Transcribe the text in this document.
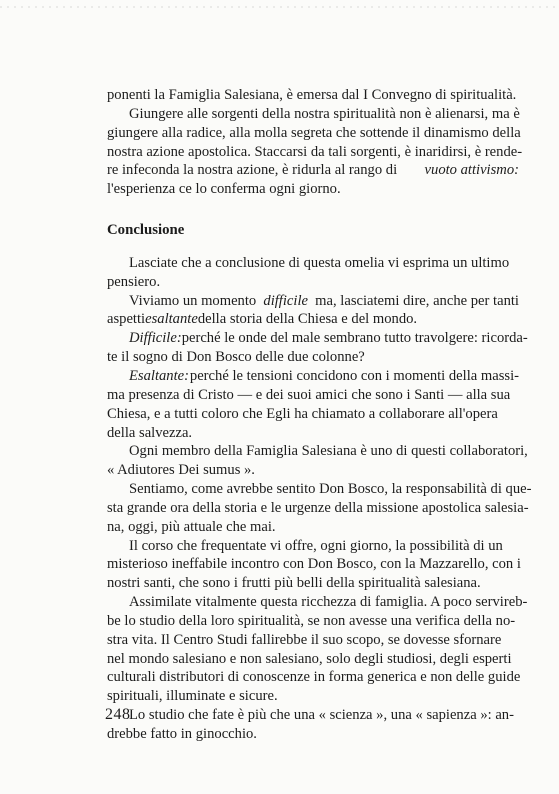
ponenti la Famiglia Salesiana, è emersa dal I Convegno di spiritualità.
Giungere alle sorgenti della nostra spiritualità non è alienarsi, ma è
giungere alla radice, alla molla segreta che sottende il dinamismo della
nostra azione apostolica. Staccarsi da tali sorgenti, è inaridirsi, è rende-
re infeconda la nostra azione, è ridurla al rango di vuoto attivismo:
l'esperienza ce lo conferma ogni giorno.
Conclusione
Lasciate che a conclusione di questa omelia vi esprima un ultimo
pensiero.
Viviamo un momento difficile ma, lasciatemi dire, anche per tanti
aspetti esaltante della storia della Chiesa e del mondo.
Difficile: perché le onde del male sembrano tutto travolgere: ricorda-
te il sogno di Don Bosco delle due colonne?
Esaltante: perché le tensioni concidono con i momenti della massi-
ma presenza di Cristo — e dei suoi amici che sono i Santi — alla sua
Chiesa, e a tutti coloro che Egli ha chiamato a collaborare all'opera
della salvezza.
Ogni membro della Famiglia Salesiana è uno di questi collaboratori,
« Adiutores Dei sumus ».
Sentiamo, come avrebbe sentito Don Bosco, la responsabilità di que-
sta grande ora della storia e le urgenze della missione apostolica salesia-
na, oggi, più attuale che mai.
Il corso che frequentate vi offre, ogni giorno, la possibilità di un
misterioso ineffabile incontro con Don Bosco, con la Mazzarello, con i
nostri santi, che sono i frutti più belli della spiritualità salesiana.
Assimilate vitalmente questa ricchezza di famiglia. A poco servireb-
be lo studio della loro spiritualità, se non avesse una verifica della no-
stra vita. Il Centro Studi fallirebbe il suo scopo, se dovesse sfornare
nel mondo salesiano e non salesiano, solo degli studiosi, degli esperti
culturali distributori di conoscenze in forma generica e non delle guide
spirituali, illuminate e sicure.
Lo studio che fate è più che una « scienza », una « sapienza »: an-
drebbe fatto in ginocchio.
248
